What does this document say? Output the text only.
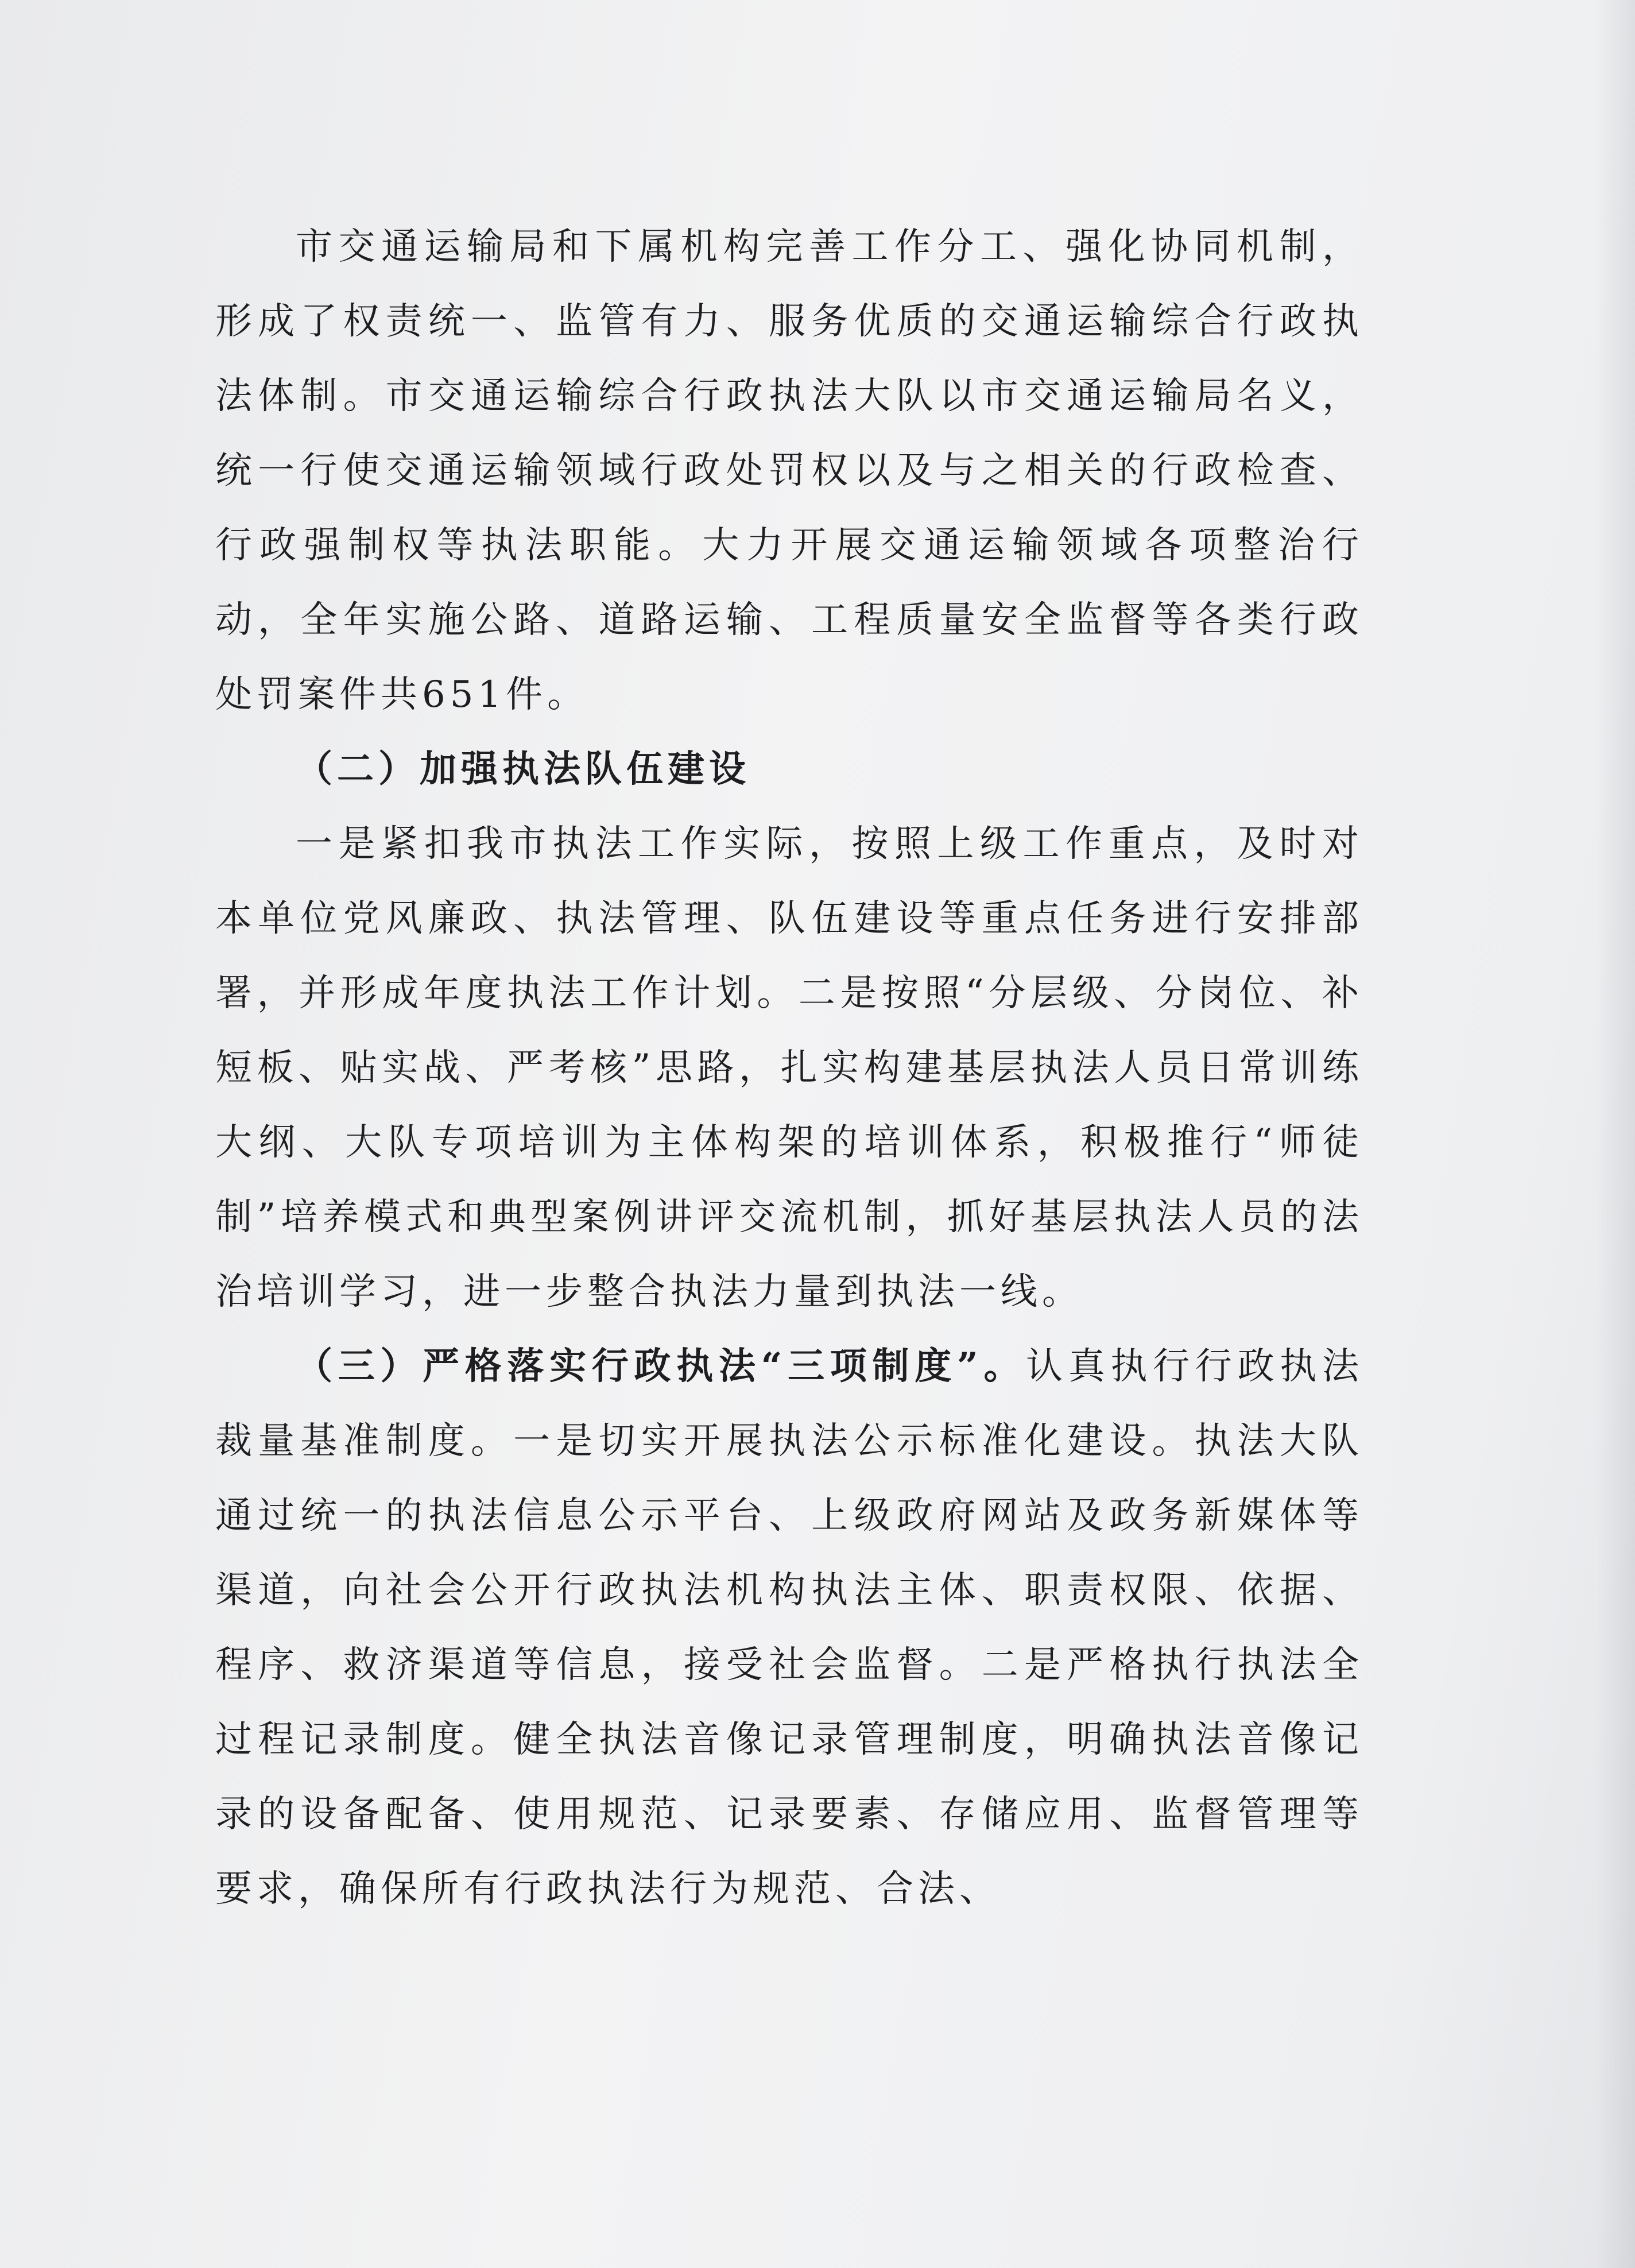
市交通运输局和下属机构完善工作分工、强化协同机制，形成了权责统一、监管有力、服务优质的交通运输综合行政执法体制。市交通运输综合行政执法大队以市交通运输局名义，统一行使交通运输领域行政处罚权以及与之相关的行政检查、行政强制权等执法职能。大力开展交通运输领域各项整治行动，全年实施公路、道路运输、工程质量安全监督等各类行政处罚案件共651件。

（二）加强执法队伍建设

一是紧扣我市执法工作实际，按照上级工作重点，及时对本单位党风廉政、执法管理、队伍建设等重点任务进行安排部署，并形成年度执法工作计划。二是按照“分层级、分岗位、补短板、贴实战、严考核”思路，扎实构建基层执法人员日常训练大纲、大队专项培训为主体构架的培训体系，积极推行“师徒制”培养模式和典型案例讲评交流机制，抓好基层执法人员的法治培训学习，进一步整合执法力量到执法一线。

（三）严格落实行政执法“三项制度”。认真执行行政执法裁量基准制度。一是切实开展执法公示标准化建设。执法大队通过统一的执法信息公示平台、上级政府网站及政务新媒体等渠道，向社会公开行政执法机构执法主体、职责权限、依据、程序、救济渠道等信息，接受社会监督。二是严格执行执法全过程记录制度。健全执法音像记录管理制度，明确执法音像记录的设备配备、使用规范、记录要素、存储应用、监督管理等要求，确保所有行政执法行为规范、合法、
